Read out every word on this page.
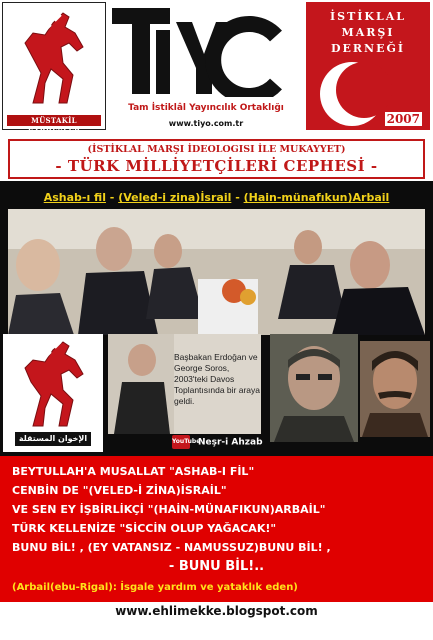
MÜSTAKİL KARDEŞLER
Tam İstiklâl Yayıncılık Ortaklığı
www.tiyo.com.tr
İSTİKLAL
MARŞI
DERNEĞİ
2007
(İSTİKLAL MARŞI İDEOLOGISI İLE MUKAYYET)
- TÜRK MİLLİYETÇİLERİ CEPHESİ -
Ashab-ı fil - (Veled-i zina)İsrail - (Hain-münafıkun)Arbail
الإخوان المستقلة
Başbakan Erdoğan ve George Soros, 2003'teki Davos Toplantısında bir araya geldi.
YouTubeNeşr-i Ahzab
BEYTULLAH'A MUSALLAT "ASHAB-I FİL"
CENBİN DE "(VELED-İ ZİNA)İSRAİL"
VE SEN EY İŞBİRLİKÇİ "(HAİN-MÜNAFIKUN)ARBAİL"
TÜRK KELLENİZE "SİCCİN OLUP YAĞACAK!"
BUNU BİL! , (EY VATANSIZ - NAMUSSUZ)BUNU BİL! ,
- BUNU BİL!..
(Arbail(ebu-Rigal): İsgale yardım ve yataklık eden)
www.ehlimekke.blogspot.com
